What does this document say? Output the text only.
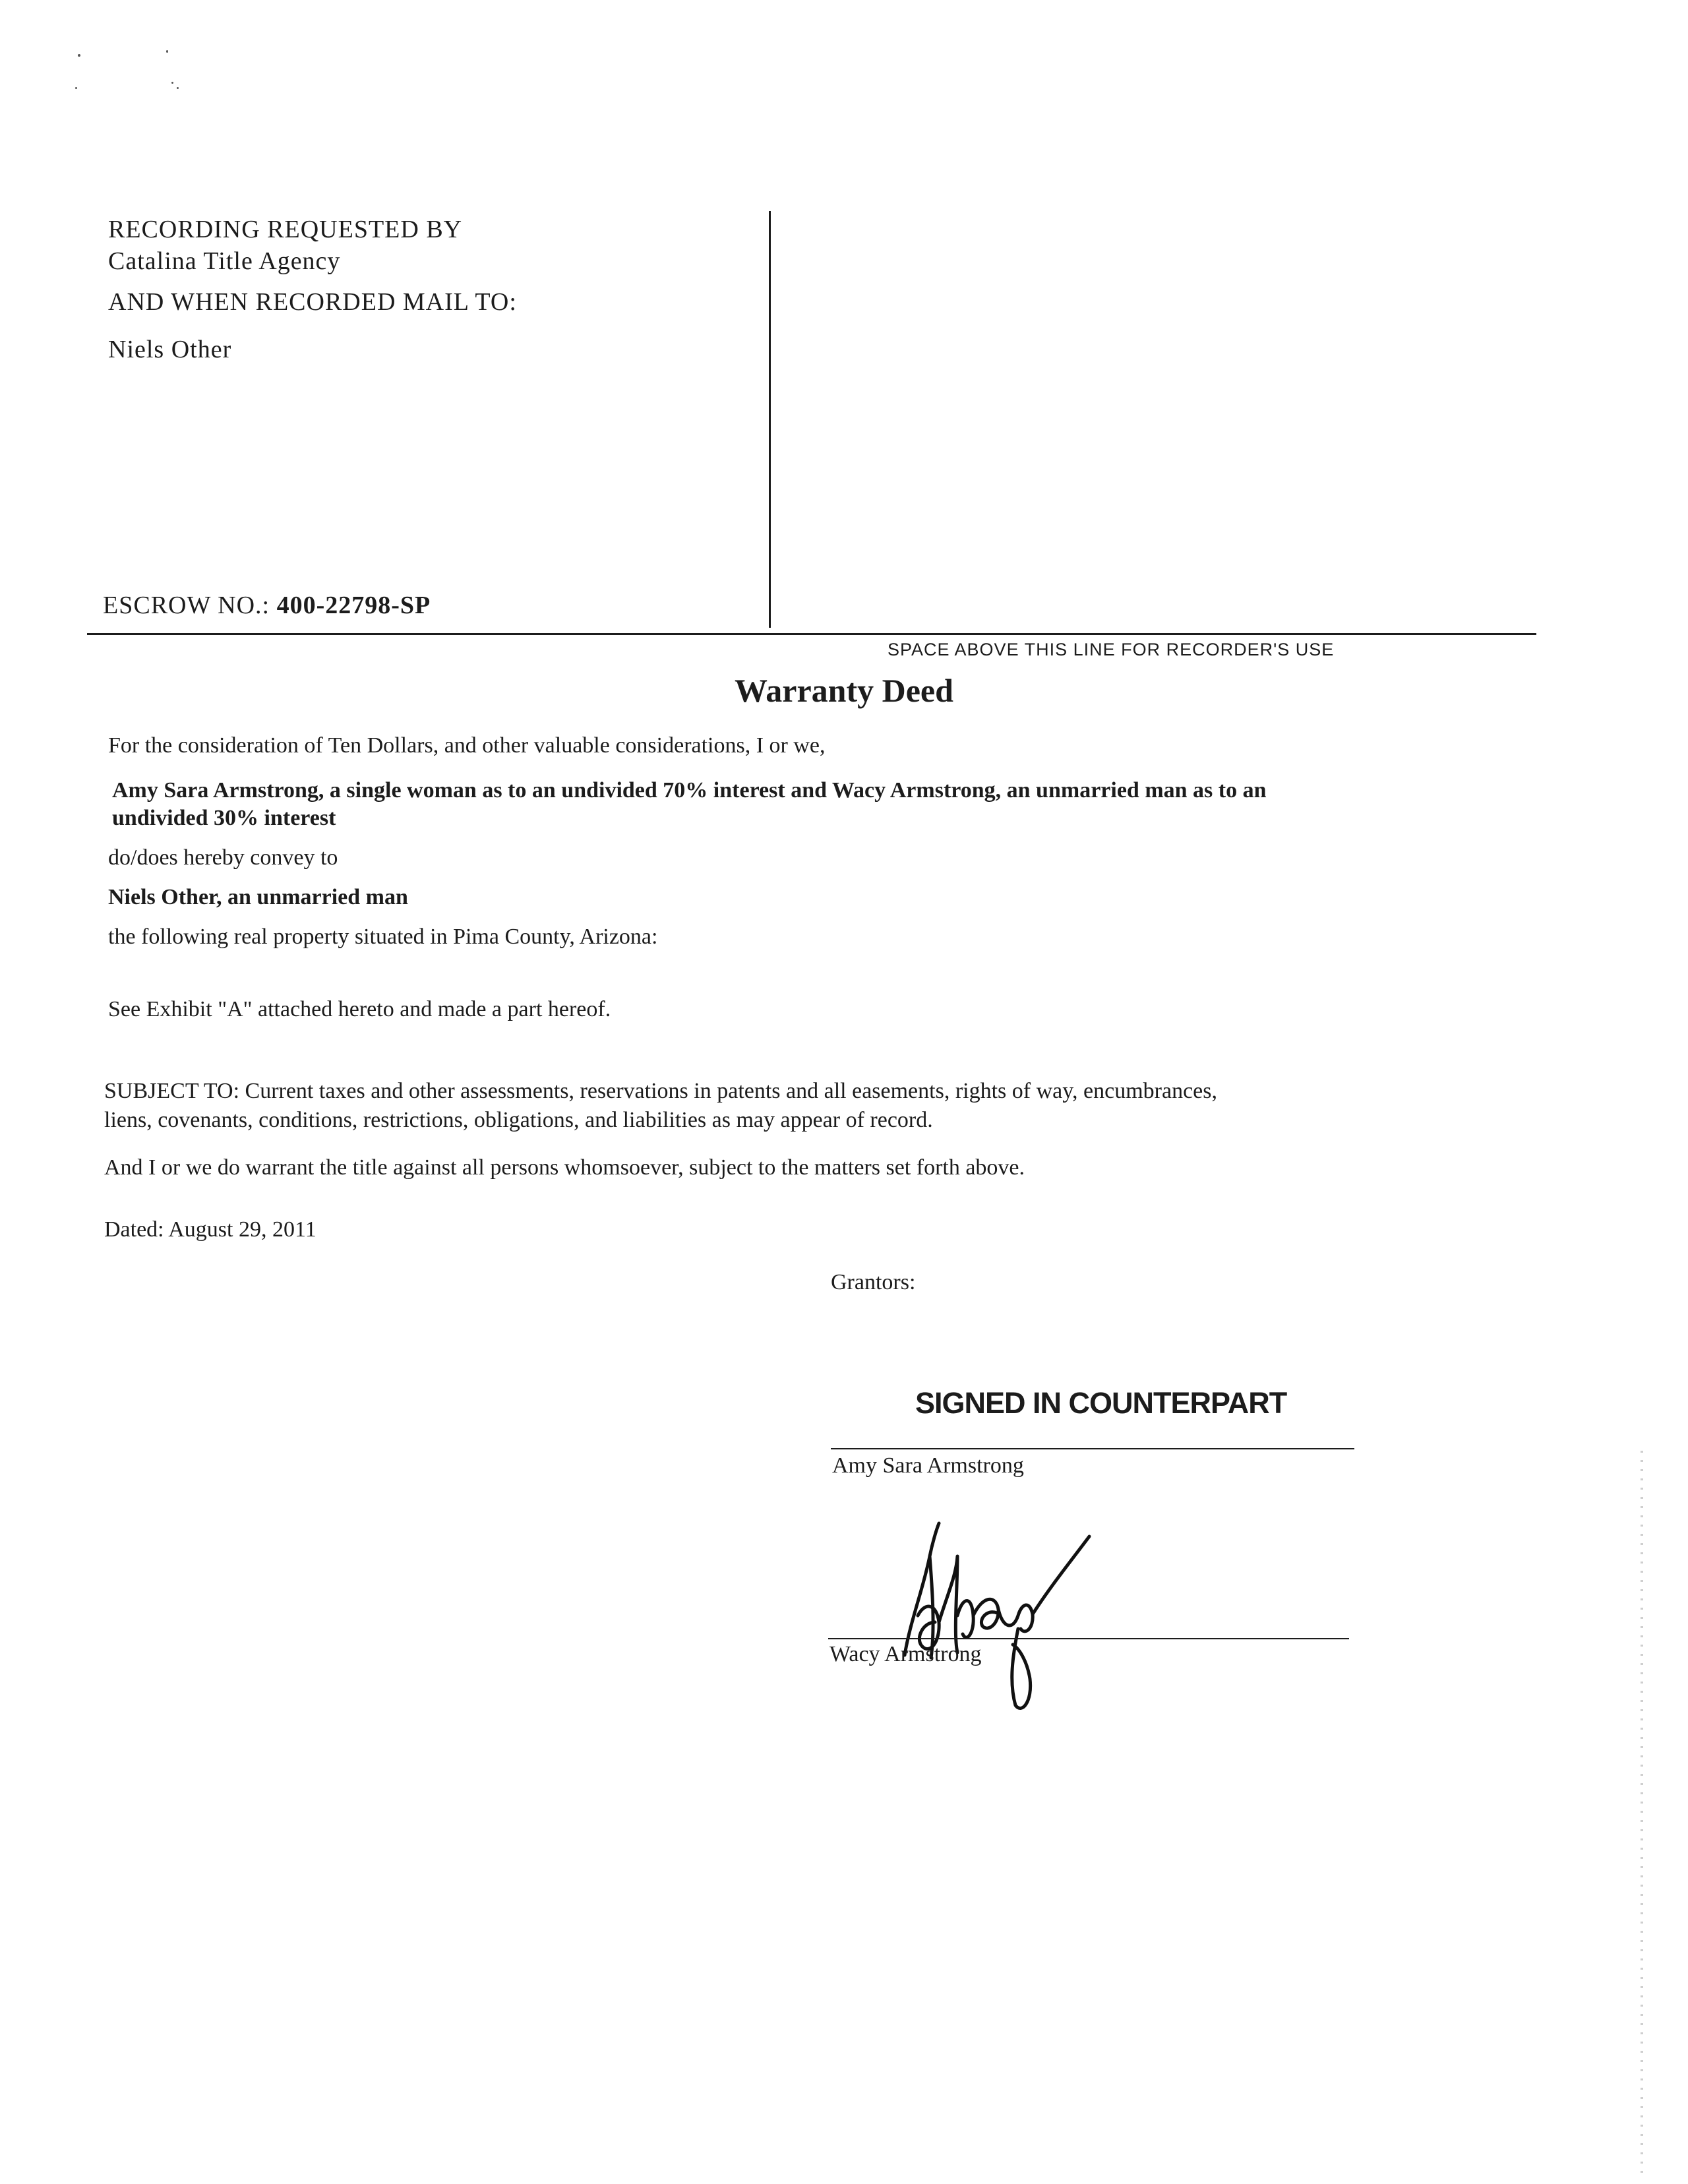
RECORDING REQUESTED BY
Catalina Title Agency
AND WHEN RECORDED MAIL TO:
Niels Other
ESCROW NO.: 400-22798-SP
SPACE ABOVE THIS LINE FOR RECORDER'S USE
Warranty Deed
For the consideration of Ten Dollars, and other valuable considerations, I or we,
Amy Sara Armstrong, a single woman as to an undivided 70% interest and Wacy Armstrong, an unmarried man as to an
undivided 30% interest
do/does hereby convey to
Niels Other, an unmarried man
the following real property situated in Pima County, Arizona:
See Exhibit "A" attached hereto and made a part hereof.
SUBJECT TO: Current taxes and other assessments, reservations in patents and all easements, rights of way, encumbrances,
liens, covenants, conditions, restrictions, obligations, and liabilities as may appear of record.
And I or we do warrant the title against all persons whomsoever, subject to the matters set forth above.
Dated: August 29, 2011
Grantors:
SIGNED IN COUNTERPART
Amy Sara Armstrong
Wacy Armstrong
